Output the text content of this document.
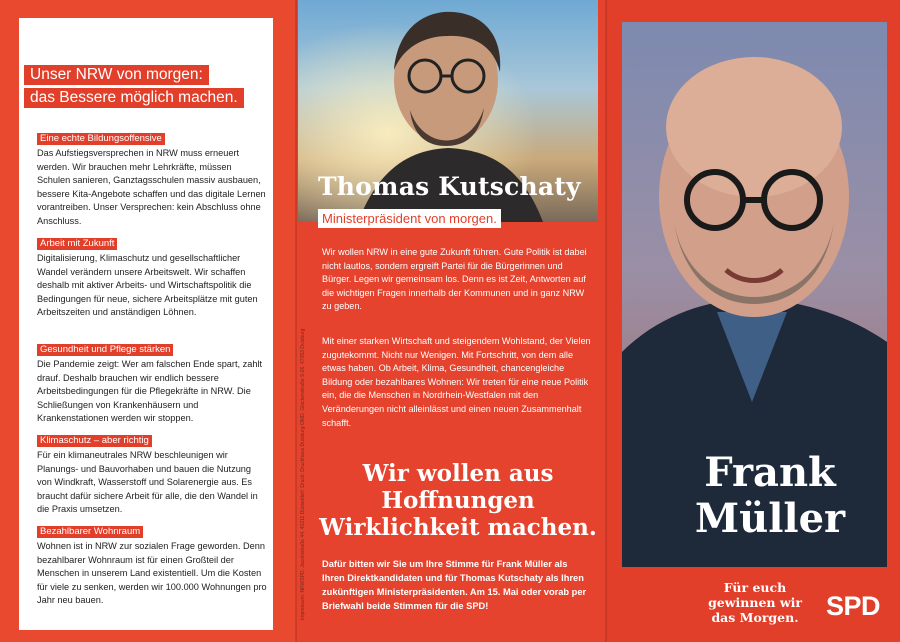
Unser NRW von morgen:
das Bessere möglich machen.
Eine echte Bildungsoffensive
Das Aufstiegsversprechen in NRW muss erneuert werden. Wir brauchen mehr Lehrkräfte, müssen Schulen sanieren, Ganztagsschulen massiv ausbauen, bessere Kita-Angebote schaffen und das digitale Lernen vorantreiben. Unser Versprechen: kein Abschluss ohne Anschluss.
Arbeit mit Zukunft
Digitalisierung, Klimaschutz und gesellschaftlicher Wandel verändern unsere Arbeitswelt. Wir schaffen deshalb mit aktiver Arbeits- und Wirtschaftspolitik die Bedingungen für neue, sichere Arbeitsplätze mit guten Arbeitszeiten und anständigen Löhnen.
Gesundheit und Pflege stärken
Die Pandemie zeigt: Wer am falschen Ende spart, zahlt drauf. Deshalb brauchen wir endlich bessere Arbeitsbedingungen für die Pflegekräfte in NRW. Die Schließungen von Krankenhäusern und Krankenstationen werden wir stoppen.
Klimaschutz – aber richtig
Für ein klimaneutrales NRW beschleunigen wir Planungs- und Bauvorhaben und bauen die Nutzung von Windkraft, Wasserstoff und Solarenergie aus. Es braucht dafür sichere Arbeit für alle, die den Wandel in die Praxis umsetzen.
Bezahlbarer Wohnraum
Wohnen ist in NRW zur sozialen Frage geworden. Denn bezahlbarer Wohnraum ist für einen Großteil der Menschen in unserem Land existentiell. Um die Kosten für viele zu senken, werden wir 100.000 Wohnungen pro Jahr neu bauen.	Impressum: NRWSPD, Jacobistraße 44, 40211 Düsseldorf. Druck: Druckhaus Duisburg OMD, Glockenstraße 9-26, 47053 Duisburg
Thomas Kutschaty
Ministerpräsident von morgen.
Wir wollen NRW in eine gute Zukunft führen. Gute Politik ist dabei nicht lautlos, sondern ergreift Partei für die Bürgerinnen und Bürger. Legen wir gemeinsam los. Denn es ist Zeit, Antworten auf die wichtigen Fragen innerhalb der Kommunen und in ganz NRW zu geben.
Mit einer starken Wirtschaft und steigendem Wohlstand, der Vielen zugutekommt. Nicht nur Wenigen. Mit Fortschritt, von dem alle etwas haben. Ob Arbeit, Klima, Gesundheit, chancengleiche Bildung oder bezahlbares Wohnen: Wir treten für eine neue Politik ein, die die Menschen in Nordrhein-Westfalen mit den Veränderungen nicht alleinlässt und einen neuen Zusammenhalt schafft.
Wir wollen aus
Hoffnungen
Wirklichkeit machen.
Dafür bitten wir Sie um Ihre Stimme für Frank Müller als Ihren Direktkandidaten und für Thomas Kutschaty als Ihren zukünftigen Ministerpräsidenten. Am 15. Mai oder vorab per Briefwahl beide Stimmen für die SPD!
Frank
Müller
Für euch
gewinnen wir
das Morgen.	SPD
